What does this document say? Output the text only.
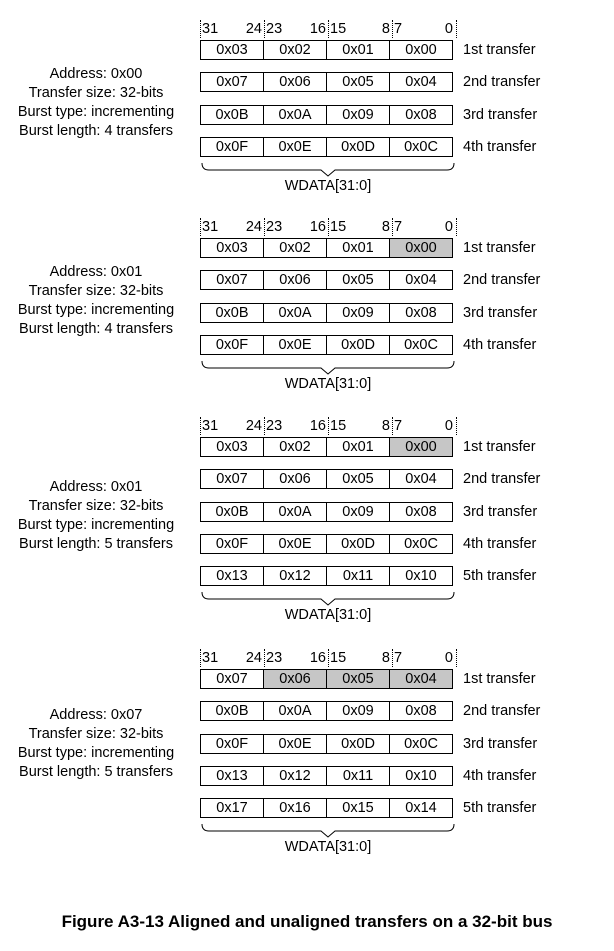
Address: 0x00
Transfer size: 32-bits
Burst type: incrementing
Burst length: 4 transfers
31 24 23 16 15 8 7	0
0x03	0x02	0x01	0x00	1st transfer
0x07	0x06	0x05	0x04	2nd transfer
0x0B	0x0A	0x09	0x08	3rd transfer
0x0F	0x0E	0x0D	0x0C	4th transfer
WDATA[31:0]
Address: 0x01
Transfer size: 32-bits
Burst type: incrementing
Burst length: 4 transfers
31 24 23 16 15 8 7	0
0x03	0x02	0x01	0x00	1st transfer
0x07	0x06	0x05	0x04	2nd transfer
0x0B	0x0A	0x09	0x08	3rd transfer
0x0F	0x0E	0x0D	0x0C	4th transfer
WDATA[31:0]
Address: 0x01
Transfer size: 32-bits
Burst type: incrementing
Burst length: 5 transfers
31 24 23 16 15 8 7	0
0x03	0x02	0x01	0x00	1st transfer
0x07	0x06	0x05	0x04	2nd transfer
0x0B	0x0A	0x09	0x08	3rd transfer
0x0F	0x0E	0x0D	0x0C	4th transfer
0x13	0x12	0x11	0x10	5th transfer
WDATA[31:0]
Address: 0x07
Transfer size: 32-bits
Burst type: incrementing
Burst length: 5 transfers
31 24 23 16 15 8 7	0
0x07	0x06	0x05	0x04	1st transfer
0x0B	0x0A	0x09	0x08	2nd transfer
0x0F	0x0E	0x0D	0x0C	3rd transfer
0x13	0x12	0x11	0x10	4th transfer
0x17	0x16	0x15	0x14	5th transfer
WDATA[31:0]
Figure A3-13 Aligned and unaligned transfers on a 32-bit bus
